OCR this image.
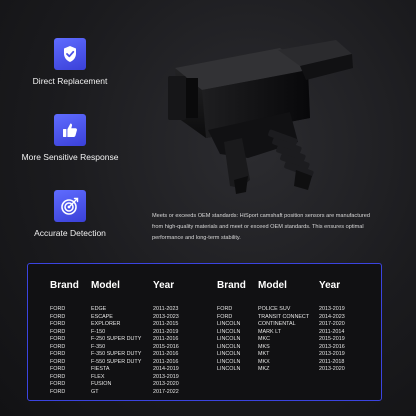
Direct Replacement
More Sensitive Response
Accurate Detection
Meets or exceeds OEM standards: HiSport camshaft position sensors are manufactured from high-quality materials and meet or exceed OEM standards. This ensures optimal performance and long-term stability.
Brand
FORD
FORD
FORD
FORD
FORD
FORD
FORD
FORD
FORD
FORD
FORD
FORD
Model
EDGE
ESCAPE
EXPLORER
F-150
F-250 SUPER DUTY
F-350
F-350 SUPER DUTY
F-550 SUPER DUTY
FIESTA
FLEX
FUSION
GT
Year
2011-2023
2013-2023
2011-2015
2011-2019
2011-2016
2015-2016
2011-2016
2011-2016
2014-2019
2013-2019
2013-2020
2017-2022
Brand
FORD
FORD
LINCOLN
LINCOLN
LINCOLN
LINCOLN
LINCOLN
LINCOLN
LINCOLN
Model
POLICE SUV
TRANSIT CONNECT
CONTINENTAL
MARK LT
MKC
MKS
MKT
MKX
MKZ
Year
2013-2019
2014-2023
2017-2020
2011-2014
2015-2019
2013-2016
2013-2019
2011-2018
2013-2020
